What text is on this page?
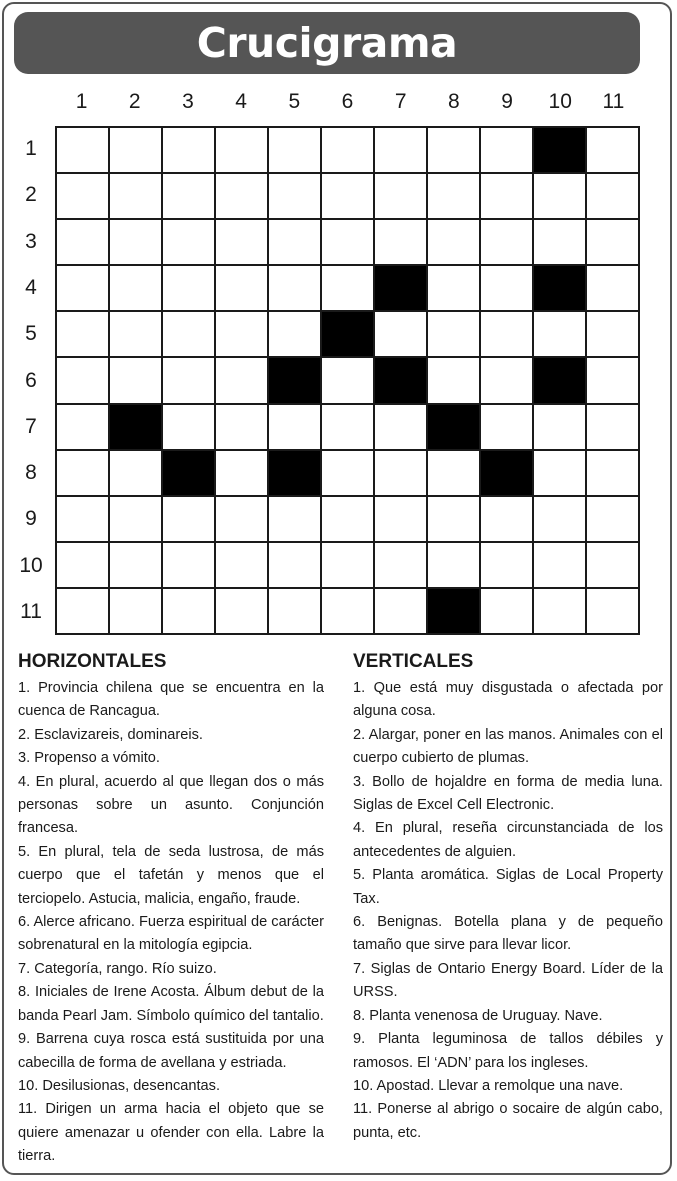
Crucigrama
1	2	3	4	5	6	7	8	9	10	11
1
2
3
4
5
6
7
8
9
10
11
HORIZONTALES
1. Provincia chilena que se encuentra en la cuenca de Rancagua.
2. Esclavizareis, dominareis.
3. Propenso a vómito.
4. En plural, acuerdo al que llegan dos o más personas sobre un asunto. Conjunción francesa.
5. En plural, tela de seda lustrosa, de más cuerpo que el tafetán y menos que el terciopelo. Astucia, malicia, engaño, fraude.
6. Alerce africano. Fuerza espiritual de carácter sobrenatural en la mitología egipcia.
7. Categoría, rango. Río suizo.
8. Iniciales de Irene Acosta. Álbum debut de la banda Pearl Jam. Símbolo químico del tantalio.
9. Barrena cuya rosca está sustituida por una cabecilla de forma de avellana y estriada.
10. Desilusionas, desencantas.
11. Dirigen un arma hacia el objeto que se quiere amenazar u ofender con ella. Labre la tierra.
VERTICALES
1. Que está muy disgustada o afectada por alguna cosa.
2. Alargar, poner en las manos. Animales con el cuerpo cubierto de plumas.
3. Bollo de hojaldre en forma de media luna. Siglas de Excel Cell Electronic.
4. En plural, reseña circunstanciada de los antecedentes de alguien.
5. Planta aromática. Siglas de Local Property Tax.
6. Benignas. Botella plana y de pequeño tamaño que sirve para llevar licor.
7. Siglas de Ontario Energy Board. Líder de la URSS.
8. Planta venenosa de Uruguay. Nave.
9. Planta leguminosa de tallos débiles y ramosos. El ‘ADN’ para los ingleses.
10. Apostad. Llevar a remolque una nave.
11. Ponerse al abrigo o socaire de algún cabo, punta, etc.
